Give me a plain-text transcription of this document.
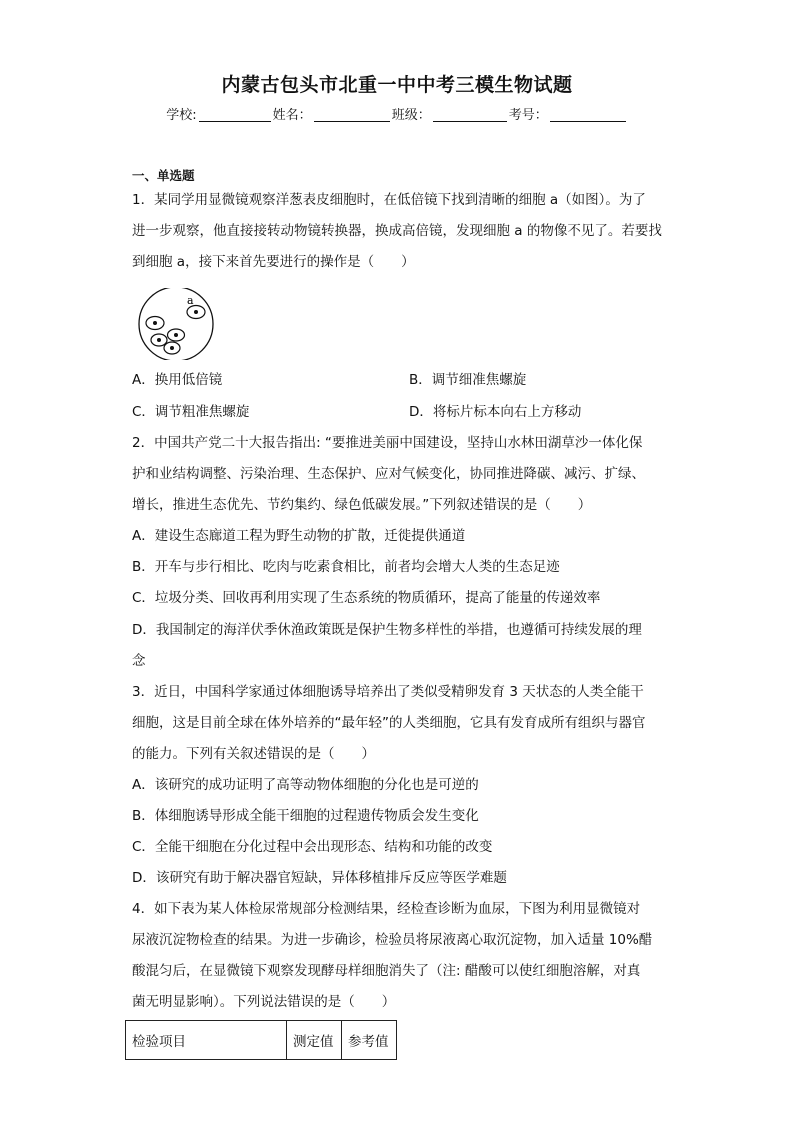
内蒙古包头市北重一中中考三模生物试题
学校:	姓名：	班级：	考号：
一、单选题
1．某同学用显微镜观察洋葱表皮细胞时，在低倍镜下找到清晰的细胞 a（如图）。为了
进一步观察，他直接接转动物镜转换器，换成高倍镜，发现细胞 a 的物像不见了。若要找
到细胞 a，接下来首先要进行的操作是（　　）
a
A．换用低倍镜	B．调节细准焦螺旋
C．调节粗准焦螺旋	D．将标片标本向右上方移动
2．中国共产党二十大报告指出: “要推进美丽中国建设，坚持山水林田湖草沙一体化保
护和业结构调整、污染治理、生态保护、应对气候变化，协同推进降碳、减污、扩绿、
增长，推进生态优先、节约集约、绿色低碳发展。”下列叙述错误的是（　　）
A．建设生态廊道工程为野生动物的扩散，迁徙提供通道
B．开车与步行相比、吃肉与吃素食相比，前者均会增大人类的生态足迹
C．垃圾分类、回收再利用实现了生态系统的物质循环，提高了能量的传递效率
D．我国制定的海洋伏季休渔政策既是保护生物多样性的举措，也遵循可持续发展的理
念
3．近日，中国科学家通过体细胞诱导培养出了类似受精卵发育 3 天状态的人类全能干
细胞，这是目前全球在体外培养的“最年轻”的人类细胞，它具有发育成所有组织与器官
的能力。下列有关叙述错误的是（　　）
A．该研究的成功证明了高等动物体细胞的分化也是可逆的
B．体细胞诱导形成全能干细胞的过程遗传物质会发生变化
C．全能干细胞在分化过程中会出现形态、结构和功能的改变
D．该研究有助于解决器官短缺，异体移植排斥反应等医学难题
4．如下表为某人体检尿常规部分检测结果，经检查诊断为血尿，下图为利用显微镜对
尿液沉淀物检查的结果。为进一步确诊，检验员将尿液离心取沉淀物，加入适量 10%醋
酸混匀后，在显微镜下观察发现酵母样细胞消失了（注: 醋酸可以使红细胞溶解，对真
菌无明显影响）。下列说法错误的是（　　）
检验项目	测定值	参考值
